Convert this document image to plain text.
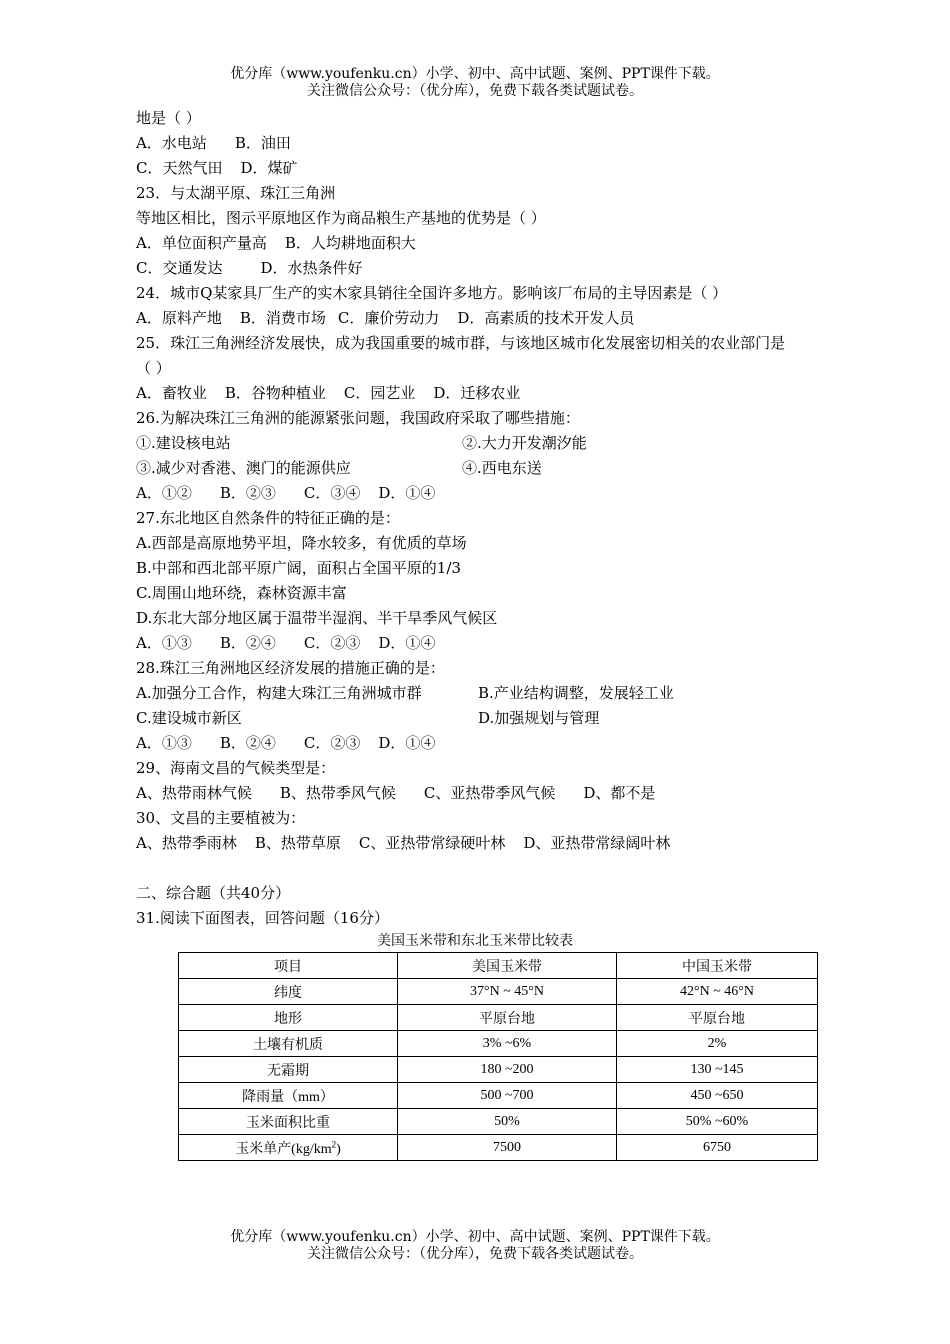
优分库（www.youfenku.cn）小学、初中、高中试题、案例、PPT课件下载。
关注微信公众号：（优分库），免费下载各类试题试卷。
地是（ ）
A．水电站 B．油田
C．天然气田 D．煤矿
23．与太湖平原、珠江三角洲
等地区相比，图示平原地区作为商品粮生产基地的优势是（ ）
A．单位面积产量高 B．人均耕地面积大
C．交通发达	D．水热条件好
24．城市Q某家具厂生产的实木家具销往全国许多地方。影响该厂布局的主导因素是（ ）
A．原料产地 B．消费市场 C．廉价劳动力 D．高素质的技术开发人员
25．珠江三角洲经济发展快，成为我国重要的城市群，与该地区城市化发展密切相关的农业部门是
（ ）
A．畜牧业 B．谷物种植业 C．园艺业 D．迁移农业
26.为解决珠江三角洲的能源紧张问题，我国政府采取了哪些措施：
①.建设核电站	②.大力开发潮汐能
③.减少对香港、澳门的能源供应	④.西电东送
A．①② B．②③ C．③④ D．①④
27.东北地区自然条件的特征正确的是：
A.西部是高原地势平坦，降水较多，有优质的草场
B.中部和西北部平原广阔，面积占全国平原的1/3
C.周围山地环绕，森林资源丰富
D.东北大部分地区属于温带半湿润、半干旱季风气候区
A．①③ B．②④ C．②③ D．①④
28.珠江三角洲地区经济发展的措施正确的是：
A.加强分工合作，构建大珠江三角洲城市群	B.产业结构调整，发展轻工业
C.建设城市新区	D.加强规划与管理
A．①③ B．②④ C．②③ D．①④
29、海南文昌的气候类型是：
A、热带雨林气候 B、热带季风气候 C、亚热带季风气候 D、都不是
30、文昌的主要植被为：
A、热带季雨林 B、热带草原 C、亚热带常绿硬叶林 D、亚热带常绿阔叶林
二、综合题（共40分）
31.阅读下面图表，回答问题（16分）
美国玉米带和东北玉米带比较表
项目	美国玉米带	中国玉米带
纬度	37°N ~ 45°N	42°N ~ 46°N
地形	平原台地	平原台地
土壤有机质	3% ~6%	2%
无霜期	180 ~200	130 ~145
降雨量（mm）	500 ~700	450 ~650
玉米面积比重	50%	50% ~60%
玉米单产$(kg/km^2)$	7500	6750
优分库（www.youfenku.cn）小学、初中、高中试题、案例、PPT课件下载。
关注微信公众号：（优分库），免费下载各类试题试卷。
